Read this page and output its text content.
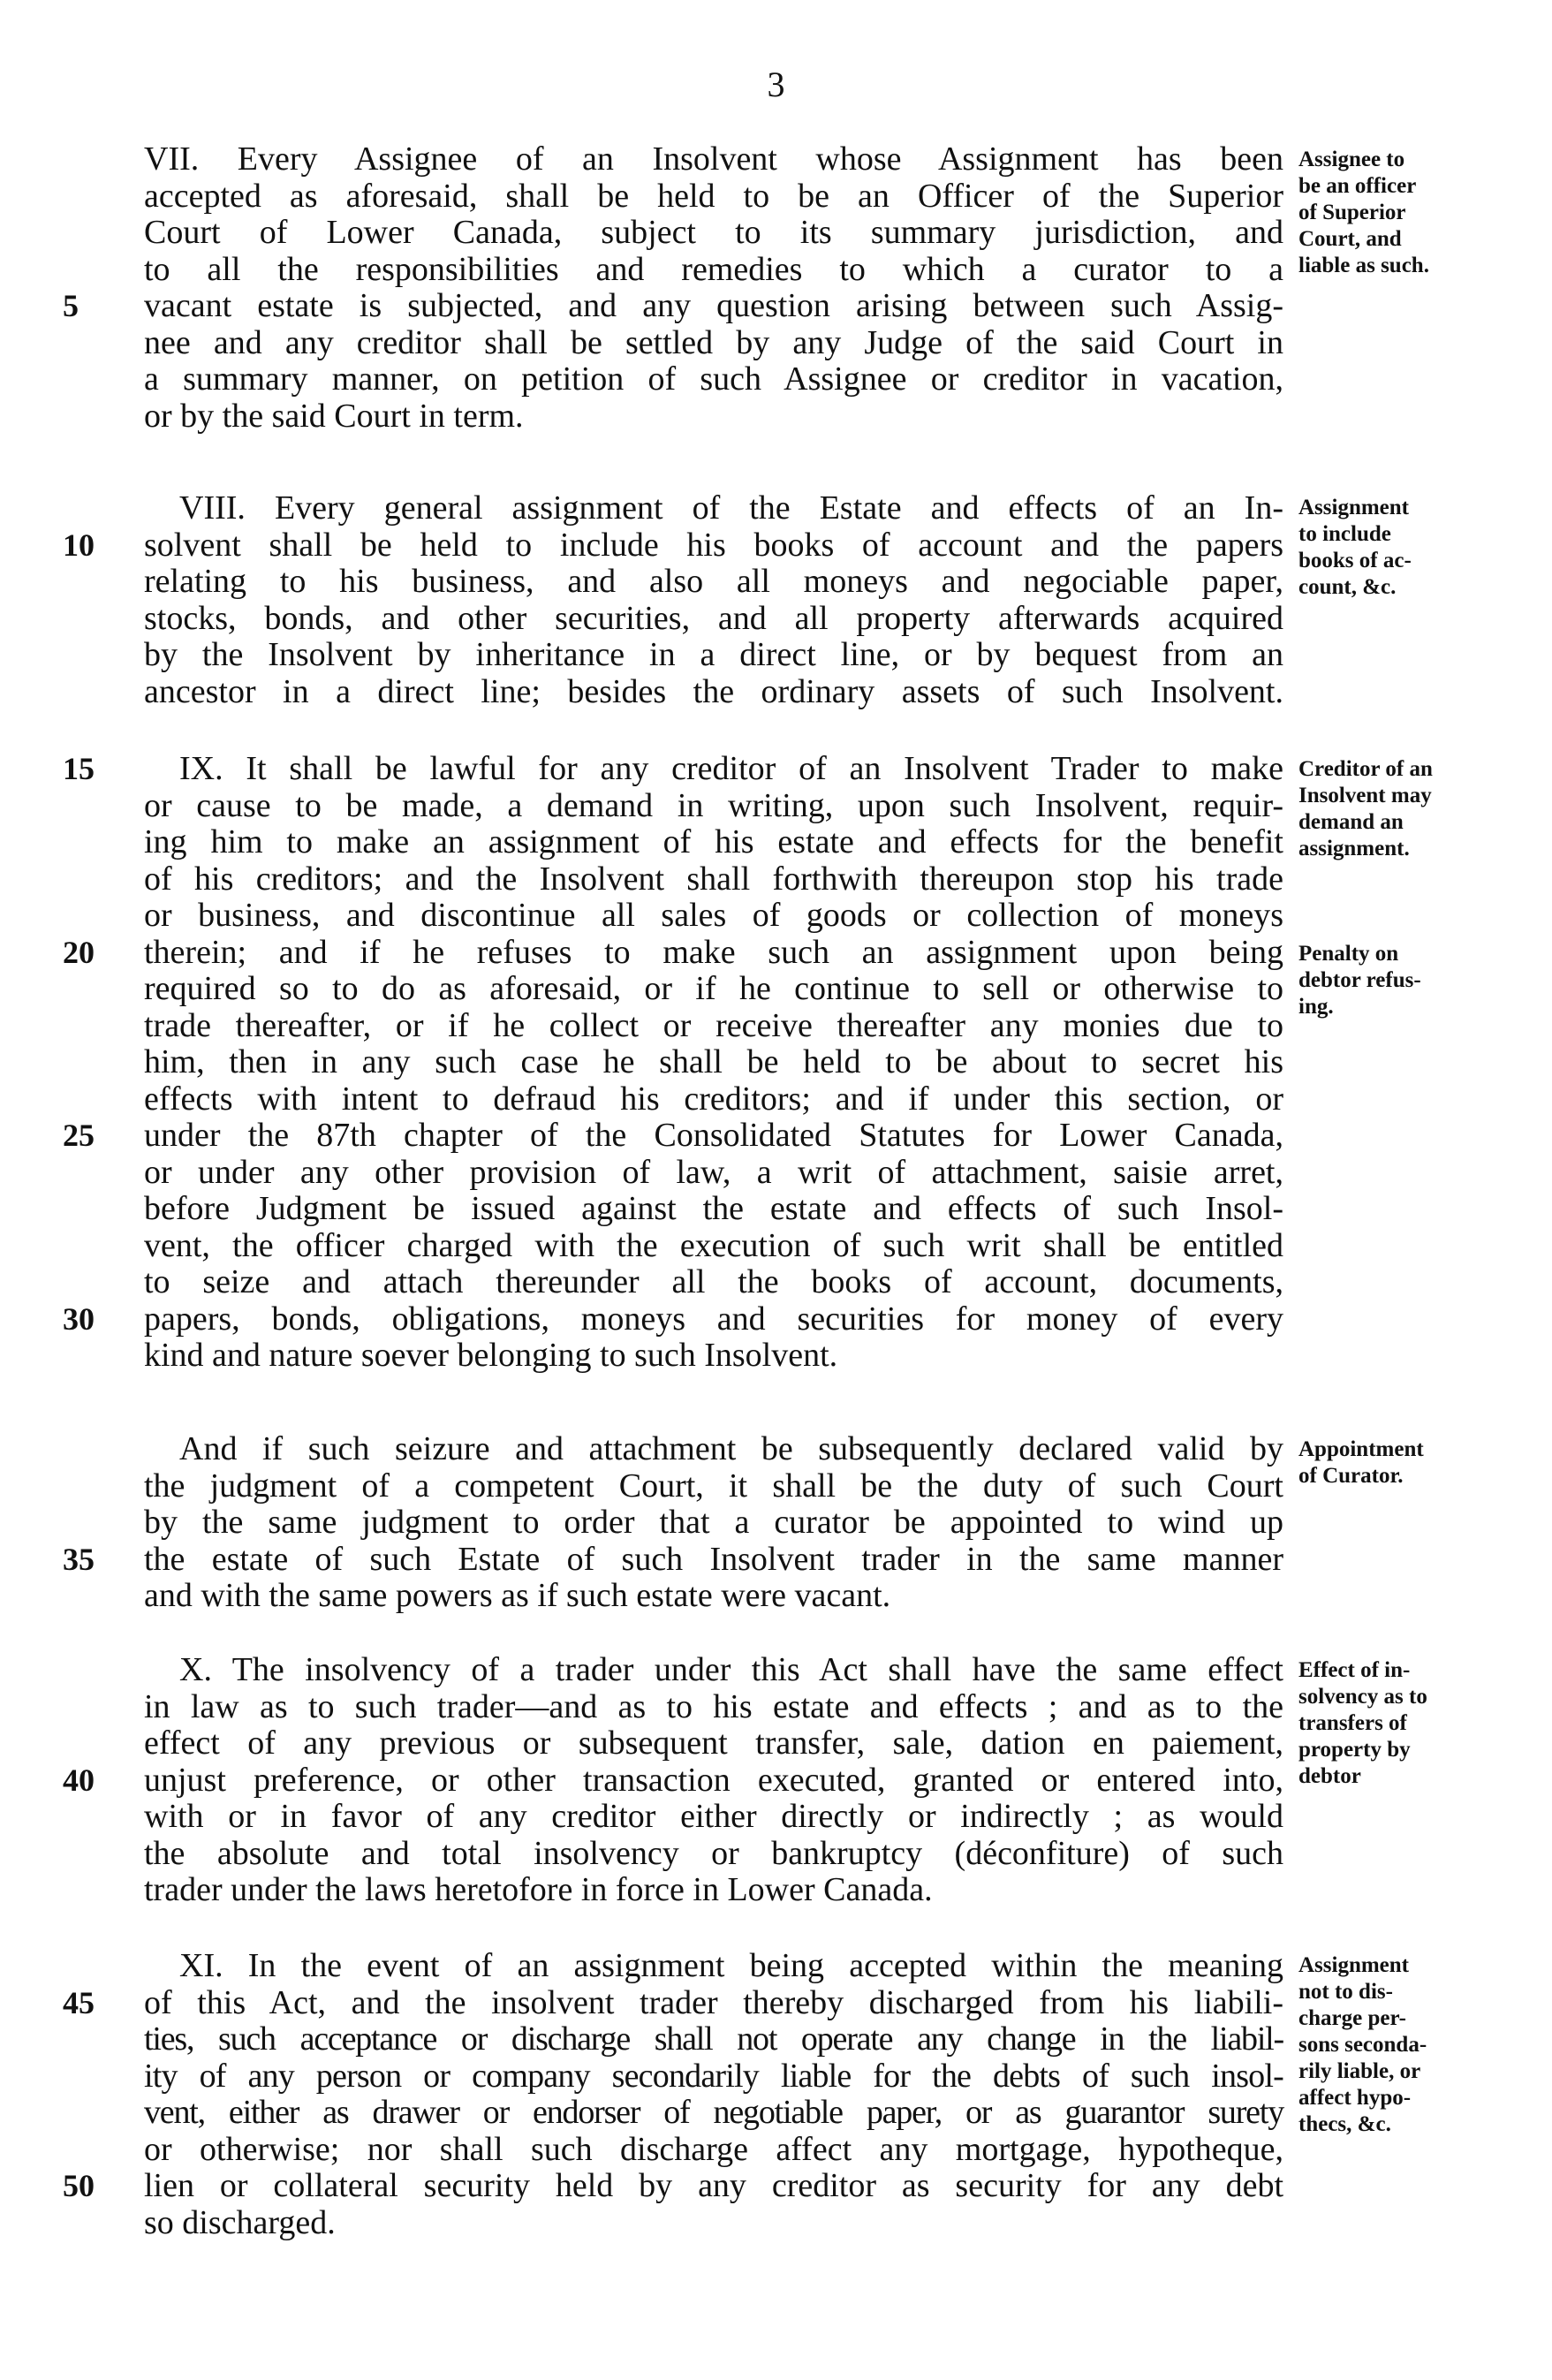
3
VII. Every Assignee of an Insolvent whose Assignment has been
accepted as aforesaid, shall be held to be an Officer of the Superior
Court of Lower Canada, subject to its summary jurisdiction, and
to all the responsibilities and remedies to which a curator to a
5	vacant estate is subjected, and any question arising between such Assig-
nee and any creditor shall be settled by any Judge of the said Court in
a summary manner, on petition of such Assignee or creditor in vacation,
or by the said Court in term.
Assignee to
be an officer
of Superior
Court, and
liable as such.
VIII. Every general assignment of the Estate and effects of an In-
10	solvent shall be held to include his books of account and the papers
relating to his business, and also all moneys and negociable paper,
stocks, bonds, and other securities, and all property afterwards acquired
by the Insolvent by inheritance in a direct line, or by bequest from an
ancestor in a direct line; besides the ordinary assets of such Insolvent.
Assignment
to include
books of ac-
count, &c.
15	IX. It shall be lawful for any creditor of an Insolvent Trader to make
or cause to be made, a demand in writing, upon such Insolvent, requir-
ing him to make an assignment of his estate and effects for the benefit
of his creditors; and the Insolvent shall forthwith thereupon stop his trade
or business, and discontinue all sales of goods or collection of moneys
20	therein; and if he refuses to make such an assignment upon being
required so to do as aforesaid, or if he continue to sell or otherwise to
trade thereafter, or if he collect or receive thereafter any monies due to
him, then in any such case he shall be held to be about to secret his
effects with intent to defraud his creditors; and if under this section, or
25	under the 87th chapter of the Consolidated Statutes for Lower Canada,
or under any other provision of law, a writ of attachment, saisie arret,
before Judgment be issued against the estate and effects of such Insol-
vent, the officer charged with the execution of such writ shall be entitled
to seize and attach thereunder all the books of account, documents,
30	papers, bonds, obligations, moneys and securities for money of every
kind and nature soever belonging to such Insolvent.
Creditor of an
Insolvent may
demand an
assignment.
Penalty on
debtor refus-
ing.
And if such seizure and attachment be subsequently declared valid by
the judgment of a competent Court, it shall be the duty of such Court
by the same judgment to order that a curator be appointed to wind up
35	the estate of such Estate of such Insolvent trader in the same manner
and with the same powers as if such estate were vacant.
Appointment
of Curator.
X. The insolvency of a trader under this Act shall have the same effect
in law as to such trader—and as to his estate and effects ; and as to the
effect of any previous or subsequent transfer, sale, dation en paiement,
40	unjust preference, or other transaction executed, granted or entered into,
with or in favor of any creditor either directly or indirectly ; as would
the absolute and total insolvency or bankruptcy (déconfiture) of such
trader under the laws heretofore in force in Lower Canada.
Effect of in-
solvency as to
transfers of
property by
debtor
XI. In the event of an assignment being accepted within the meaning
45	of this Act, and the insolvent trader thereby discharged from his liabili-
ties, such acceptance or discharge shall not operate any change in the liabil-
ity of any person or company secondarily liable for the debts of such insol-
vent, either as drawer or endorser of negotiable paper, or as guarantor surety
or otherwise; nor shall such discharge affect any mortgage, hypotheque,
50	lien or collateral security held by any creditor as security for any debt
so discharged.
Assignment
not to dis-
charge per-
sons seconda-
rily liable, or
affect hypo-
thecs, &c.
